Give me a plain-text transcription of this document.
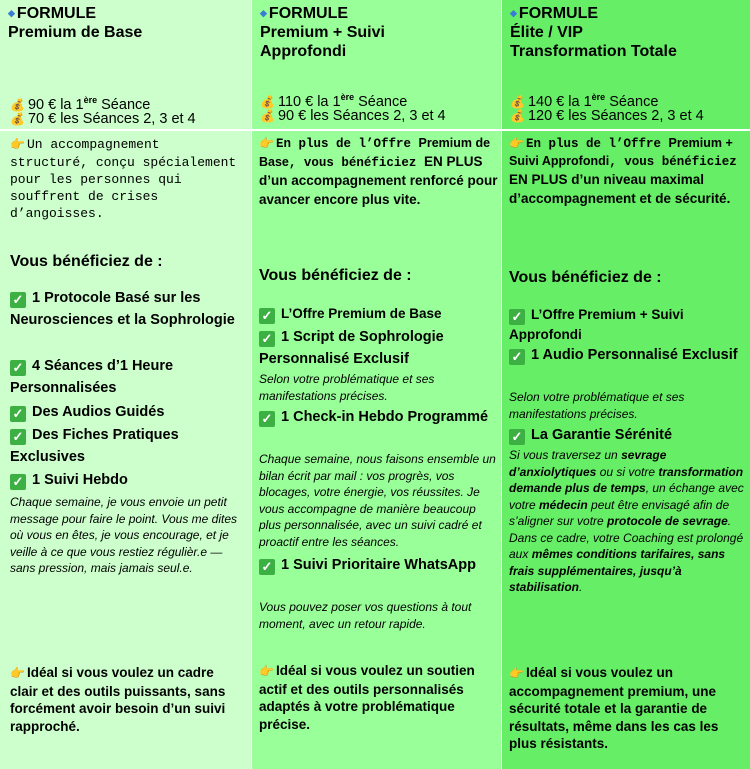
◆ FORMULE
Premium de Base
💰 90 € la 1ère Séance
💰 70 € les Séances 2, 3 et 4
👉 Un accompagnement structuré, conçu spécialement pour les personnes qui souffrent de crises d’angoisses.
Vous bénéficiez de :
✓ 1 Protocole Basé sur les Neurosciences et la Sophrologie
✓ 4 Séances d’1 Heure Personnalisées
✓ Des Audios Guidés
✓ Des Fiches Pratiques Exclusives
✓ 1 Suivi Hebdo
Chaque semaine, je vous envoie un petit message pour faire le point. Vous me dites où vous en êtes, je vous encourage, et je veille à ce que vous restiez régulièr.e — sans pression, mais jamais seul.e.
👉 Idéal si vous voulez un cadre clair et des outils puissants, sans forcément avoir besoin d’un suivi rapproché.
◆ FORMULE
Premium + Suivi
Approfondi
💰 110 € la 1ère Séance
💰 90 € les Séances 2, 3 et 4
👉 En plus de l’Offre Premium de Base, vous bénéficiez EN PLUS d’un accompagnement renforcé pour avancer encore plus vite.
Vous bénéficiez de :
✓ L’Offre Premium de Base
✓ 1 Script de Sophrologie Personnalisé Exclusif
Selon votre problématique et ses manifestations précises.
✓ 1 Check-in Hebdo Programmé
Chaque semaine, nous faisons ensemble un bilan écrit par mail : vos progrès, vos blocages, votre énergie, vos réussites. Je vous accompagne de manière beaucoup plus personnalisée, avec un suivi cadré et proactif entre les séances.
✓ 1 Suivi Prioritaire WhatsApp
Vous pouvez poser vos questions à tout moment, avec un retour rapide.
👉 Idéal si vous voulez un soutien actif et des outils personnalisés adaptés à votre problématique précise.
◆ FORMULE
Élite / VIP
Transformation Totale
💰 140 € la 1ère Séance
💰 120 € les Séances 2, 3 et 4
👉 En plus de l’Offre Premium + Suivi Approfondi, vous bénéficiez EN PLUS d’un niveau maximal d’accompagnement et de sécurité.
Vous bénéficiez de :
✓ L’Offre Premium + Suivi Approfondi
✓ 1 Audio Personnalisé Exclusif
Selon votre problématique et ses manifestations précises.
✓ La Garantie Sérénité
Si vous traversez un sevrage d’anxiolytiques ou si votre transformation demande plus de temps, un échange avec votre médecin peut être envisagé afin de s’aligner sur votre protocole de sevrage. Dans ce cadre, votre Coaching est prolongé aux mêmes conditions tarifaires, sans frais supplémentaires, jusqu’à stabilisation.
👉 Idéal si vous voulez un accompagnement premium, une sécurité totale et la garantie de résultats, même dans les cas les plus résistants.
